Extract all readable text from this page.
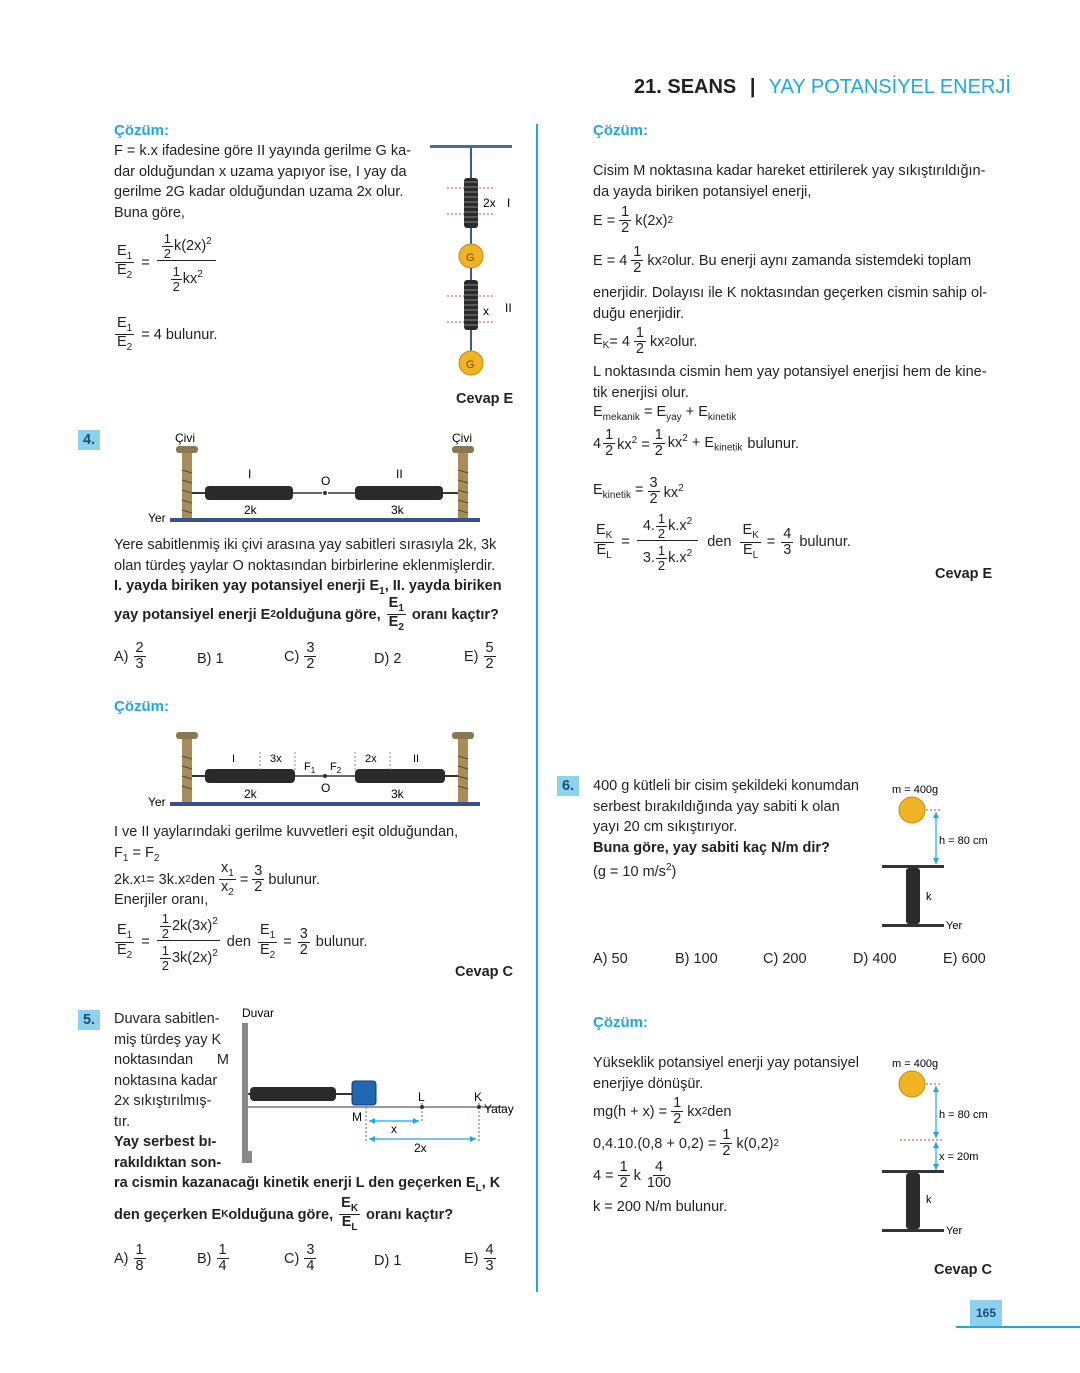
21. SEANS | YAY POTANSİYEL ENERJİ
Çözüm:
F = k.x ifadesine göre II yayında gerilme G ka-
dar olduğundan x uzama yapıyor ise, I yay da
gerilme 2G kadar olduğundan uzama 2x olur.
Buna göre,
$\frac{E_1}{E_2} = \frac{\frac{1}{2} k(2x)^2}{\frac{1}{2} kx^2}$
$\frac{E_1}{E_2} = 4$ bulunur.
2x I
G
x II
G
Cevap E
4.	Çivi	Çivi
Yer
I	O	II
2k	3k
Yere sabitlenmiş iki çivi arasına yay sabitleri sırasıyla 2k, 3k
olan türdeş yaylar O noktasından birbirlerine eklenmişlerdir.
I. yayda biriken yay potansiyel enerji $E_1$, II. yayda biriken
yay potansiyel enerji E 2 olduğuna göre,
$E_1$
$E_2$
oranı kaçtır?
A)
2
3	B) 1	C)
3
2	D) 2	E)
5
2
Çözüm:
Yer
I	3x
$F_1$ $F_2$
2x	II
O
2k	3k
I ve II yaylarındaki gerilme kuvvetleri eşit olduğundan,
$F_1 = F_2$
2k.x 1 = 3k.x 2 den $\frac{x_1}{x_2} = \frac{3}{2}$ bulunur.
Enerjiler oranı,
$\frac{E_1}{E_2} = \frac{\frac{1}{2} 2k(3x)^2}{\frac{1}{2} 3k(2x)^2}$ den $\frac{E_1}{E_2} = \frac{3}{2}$ bulunur.
Cevap C
5.	Duvara sabitlen-
miş türdeş yay K
noktasından M
noktasına kadar
2x sıkıştırılmış-
tır.
Yay serbest bı-
rakıldıktan son-
Duvar
M
L	K
Yatay
x
2x
ra cismin kazanacağı kinetik enerji L den geçerken $E_L$, K
den geçerken E K olduğuna göre,
$E_K$
$E_L$
oranı kaçtır?
A)
1
8	B)
1
4	C)
3
4	D) 1	E)
4
3
Çözüm:
Cisim M noktasına kadar hareket ettirilerek yay sıkıştırıldığın-
da yayda biriken potansiyel enerji,
$E = \frac{1}{2} k(2x)$ 2
E = 4
1
2 kx 2 olur. Bu enerji aynı zamanda sistemdeki toplam
enerjidir. Dolayısı ile K noktasından geçerken cismin sahip ol-
duğu enerjidir.
$E_K = 4$
1
2 kx 2 olur.
L noktasında cismin hem yay potansiyel enerjisi hem de kine-
tik enerjisi olur.
$E_{mekanik} = E_{yay} + E_{kinetik}$
4
1
2 $kx^2 = \frac{1}{2} kx^2 + E_{kinetik}$ bulunur.
$E_{kinetik} = \frac{3}{2} kx^2$
$\frac{E_K}{E_L} = \frac{4. \frac{1}{2} k.x^2}{3. \frac{1}{2} k.x^2}$ den $\frac{E_K}{E_L} = \frac{4}{3}$ bulunur.
Cevap E
6.	400 g kütleli bir cisim şekildeki konumdan
serbest bırakıldığında yay sabiti k olan
yayı 20 cm sıkıştırıyor.
Buna göre, yay sabiti kaç N/m dir?
(g = 10 $m/s^2$)
m = 400g
h = 80 cm
k
Yer
A) 50	B) 100	C) 200	D) 400	E) 600
Çözüm:
Yükseklik potansiyel enerji yay potansiyel
enerjiye dönüşür.
$mg(h + x) = \frac{1}{2}$ kx 2 den
$0,4.10.(0,8 + 0,2) = \frac{1}{2} k(0,2)$ 2
$4 = \frac{1}{2}$ k
4
100
k = 200 N/m bulunur.
m = 400g
h = 80 cm
x = 20m
k
Yer
Cevap C
165
